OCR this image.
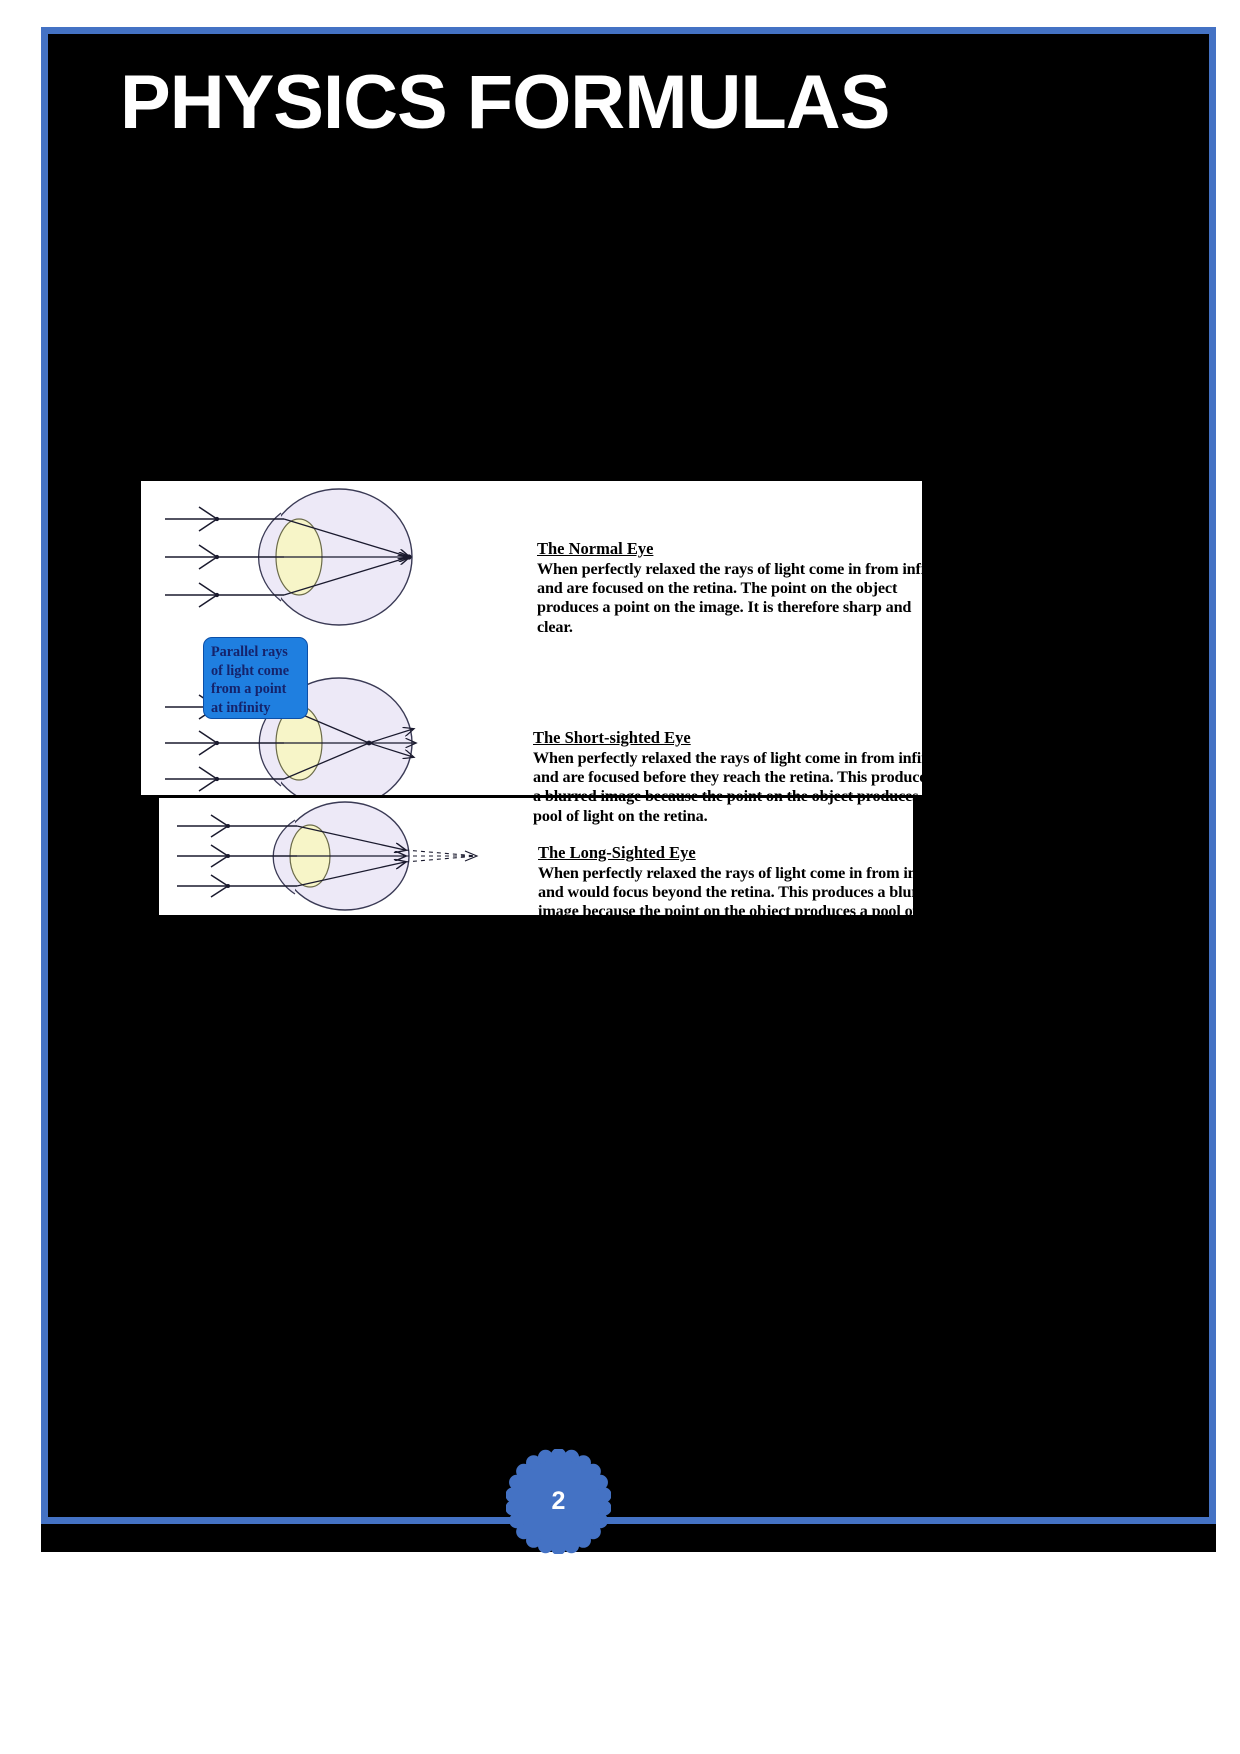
PHYSICS FORMULAS
The Normal Eye
When perfectly relaxed the rays of light come in from infinity
and are focused on the retina. The point on the object
produces a point on the image. It is therefore sharp and
clear.
The Short-sighted Eye
When perfectly relaxed the rays of light come in from infinity
and are focused before they reach the retina. This produces
a blurred image because the point on the object produces a
pool of light on the retina.
The Long-Sighted Eye
When perfectly relaxed the rays of light come in from infinity
and would focus beyond the retina. This produces a blurred
image because the point on the object produces a pool of
light on the retina.
Parallel rays
of light come
from a point
at infinity
2
